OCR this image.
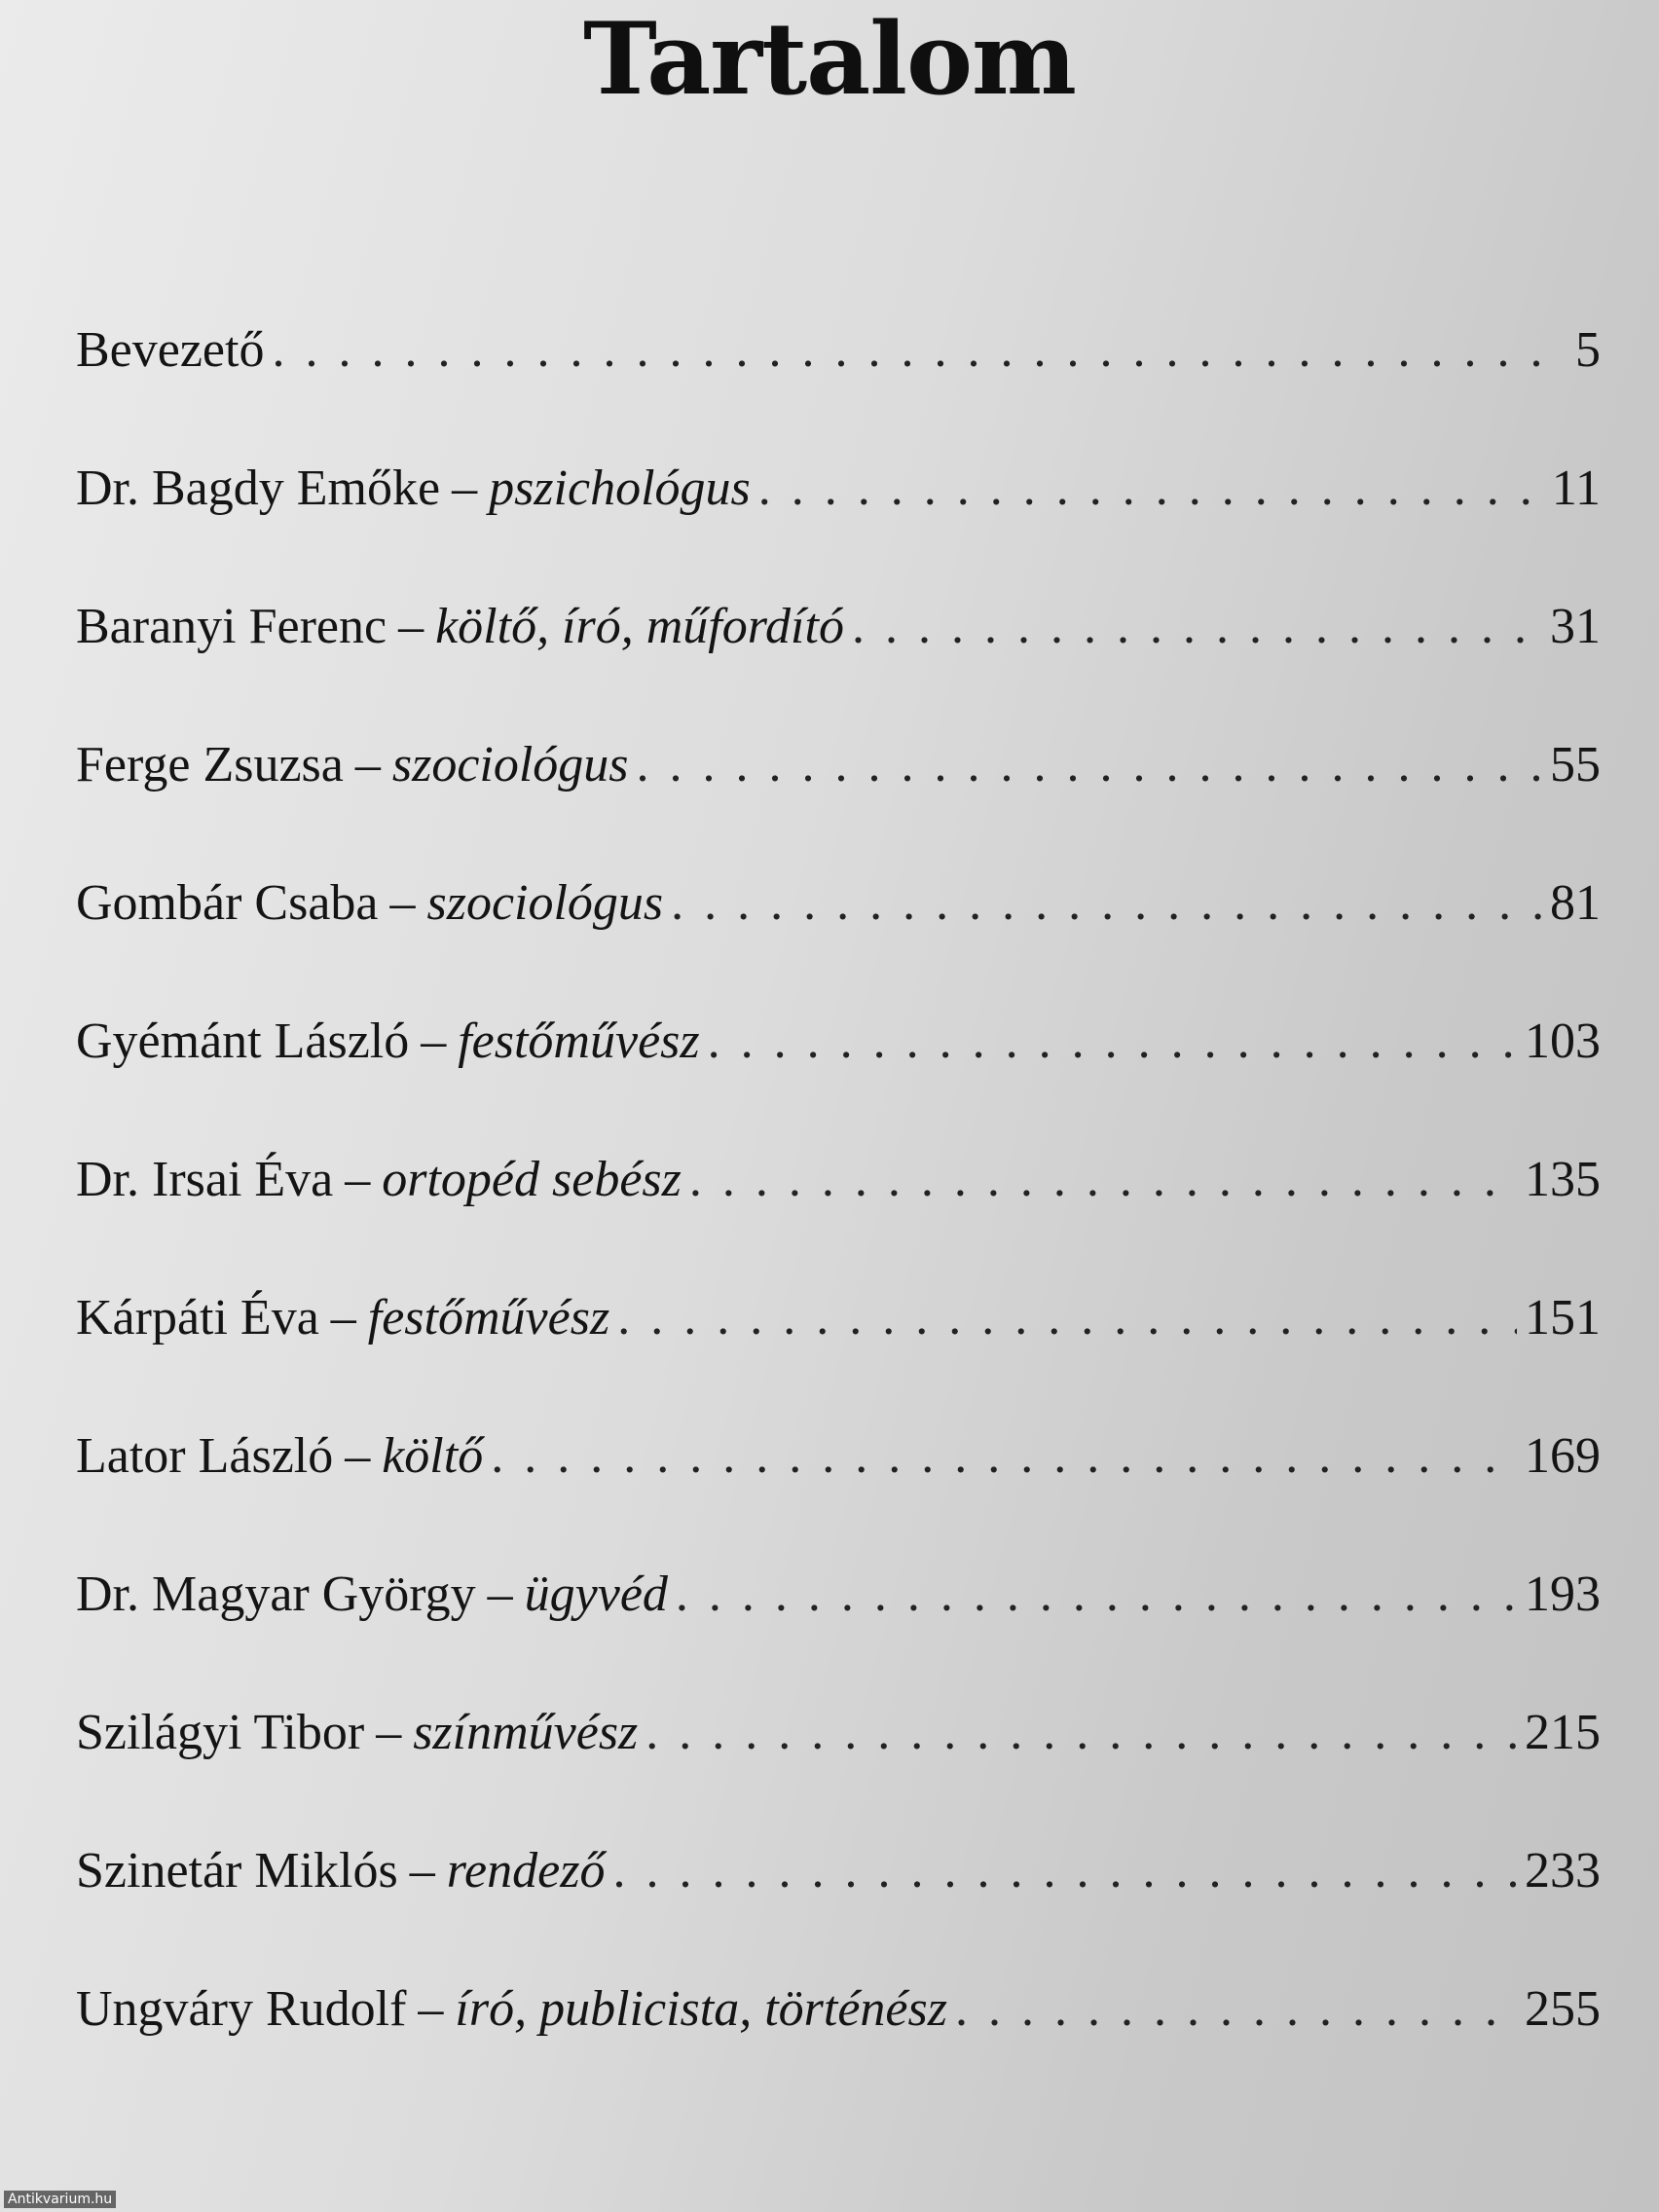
Tartalom
Bevezető . . .	5
Dr. Bagdy Emőke – pszichológus . . .	11
Baranyi Ferenc – költő, író, műfordító . . .	31
Ferge Zsuzsa – szociológus . . .	55
Gombár Csaba – szociológus . . .	81
Gyémánt László – festőművész . . .	103
Dr. Irsai Éva – ortopéd sebész . . .	135
Kárpáti Éva – festőművész . . .	151
Lator László – költő . . .	169
Dr. Magyar György – ügyvéd . . .	193
Szilágyi Tibor – színművész . . .	215
Szinetár Miklós – rendező . . .	233
Ungváry Rudolf – író, publicista, történész . . .	255
Antikvarium.hu
